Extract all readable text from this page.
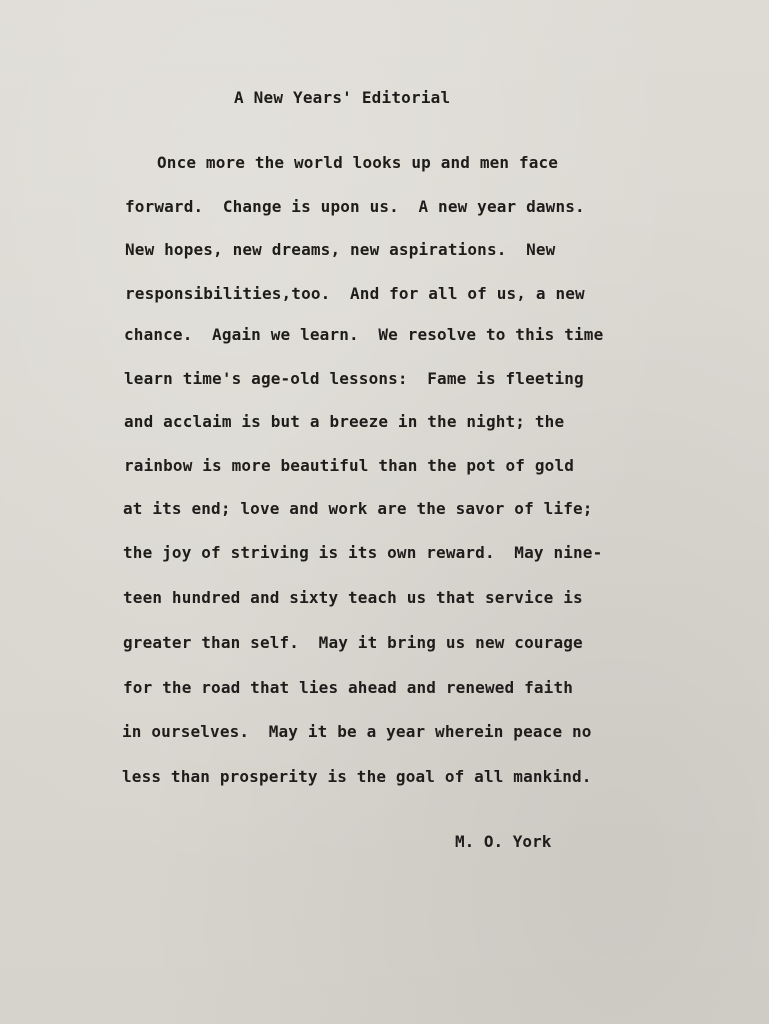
A New Years' Editorial
Once more the world looks up and men face
forward.  Change is upon us.  A new year dawns.
New hopes, new dreams, new aspirations.  New
responsibilities,too.  And for all of us, a new
chance.  Again we learn.  We resolve to this time
learn time's age-old lessons:  Fame is fleeting
and acclaim is but a breeze in the night; the
rainbow is more beautiful than the pot of gold
at its end; love and work are the savor of life;
the joy of striving is its own reward.  May nine-
teen hundred and sixty teach us that service is
greater than self.  May it bring us new courage
for the road that lies ahead and renewed faith
in ourselves.  May it be a year wherein peace no
less than prosperity is the goal of all mankind.
M. O. York
